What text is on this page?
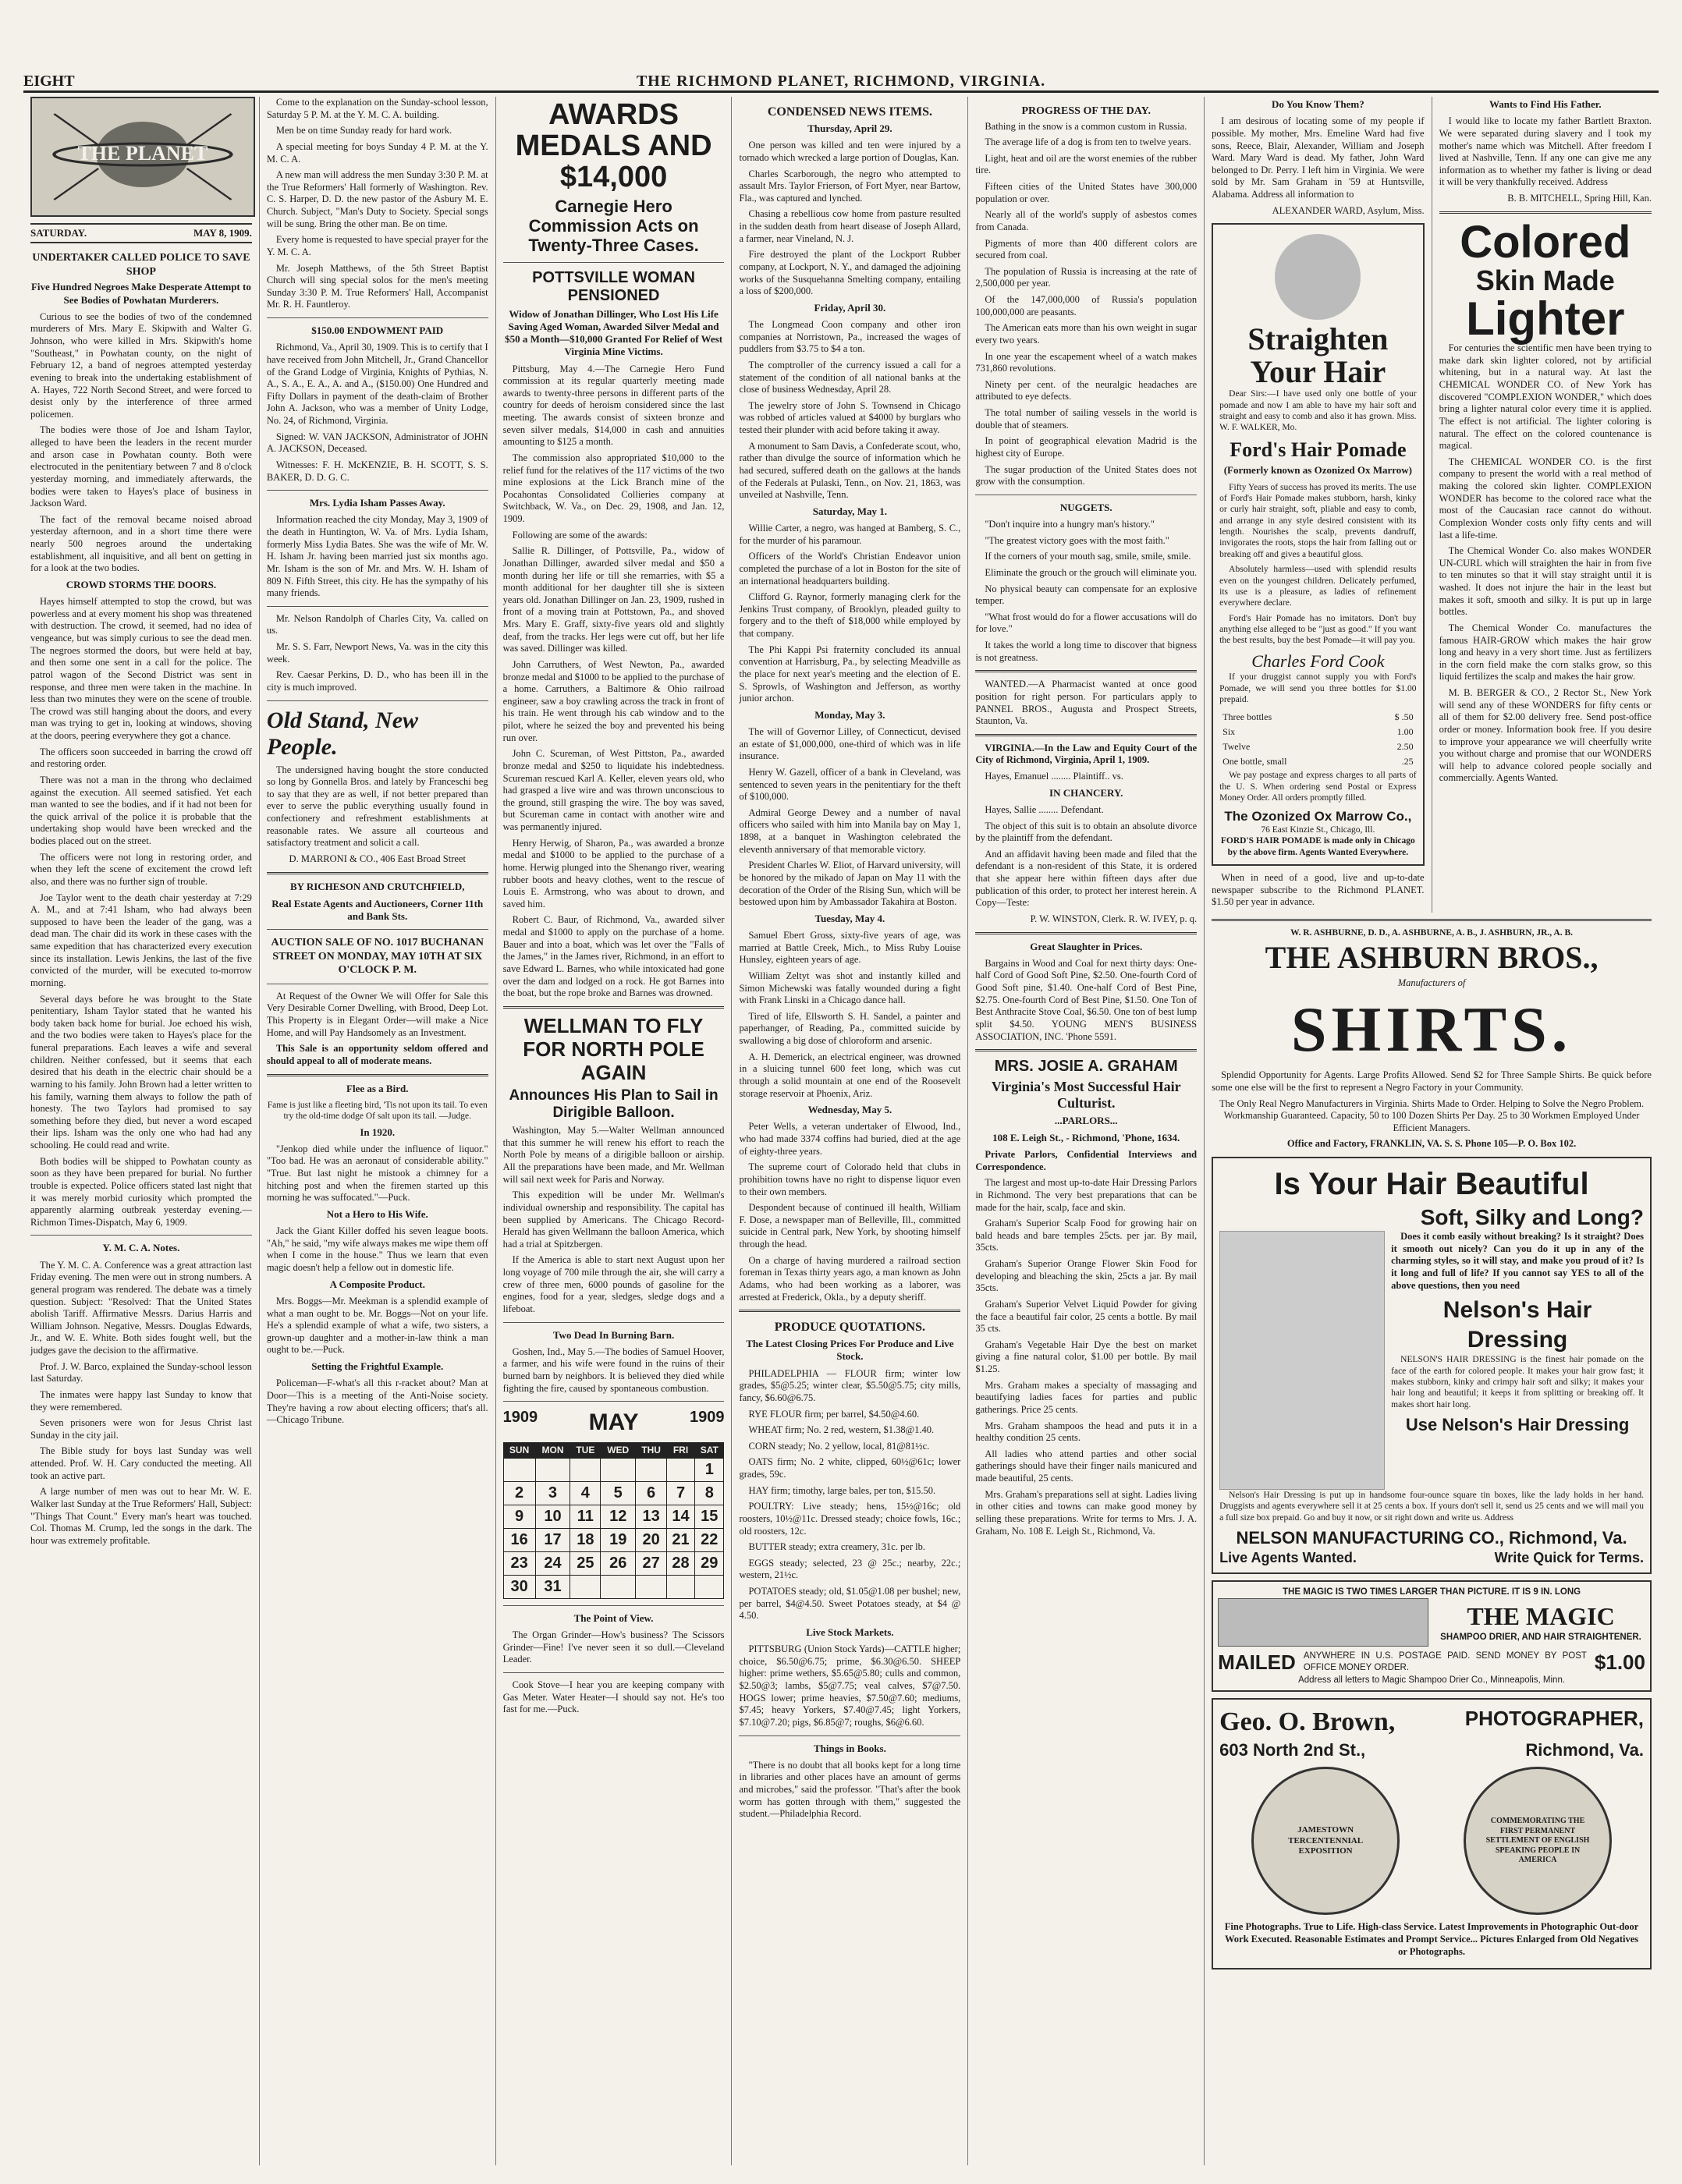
EIGHT	THE RICHMOND PLANET, RICHMOND, VIRGINIA.
THE PLANET
SATURDAY.	MAY 8, 1909.
UNDERTAKER CALLED POLICE TO SAVE SHOP
Five Hundred Negroes Make Desperate Attempt to See Bodies of Powhatan Murderers.

Curious to see the bodies of two of the condemned murderers of Mrs. Mary E. Skipwith and Walter G. Johnson, who were killed in Mrs. Skipwith's home "Southeast," in Powhatan county, on the night of February 12, a band of negroes attempted yesterday evening to break into the undertaking establishment of A. Hayes, 722 North Second Street, and were forced to desist only by the interference of three armed policemen.

The bodies were those of Joe and Isham Taylor, alleged to have been the leaders in the recent murder and arson case in Powhatan county. Both were electrocuted in the penitentiary between 7 and 8 o'clock yesterday morning, and immediately afterwards, the bodies were taken to Hayes's place of business in Jackson Ward.

The fact of the removal became noised abroad yesterday afternoon, and in a short time there were nearly 500 negroes around the undertaking establishment, all inquisitive, and all bent on getting in for a look at the two bodies.

CROWD STORMS THE DOORS.

Hayes himself attempted to stop the crowd, but was powerless and at every moment his shop was threatened with destruction. The crowd, it seemed, had no idea of vengeance, but was simply curious to see the dead men. The negroes stormed the doors, but were held at bay, and then some one sent in a call for the police. The patrol wagon of the Second District was sent in response, and three men were taken in the machine. In less than two minutes they were on the scene of trouble. The crowd was still hanging about the doors, and every man was trying to get in, looking at windows, shoving at the doors, peering everywhere they got a chance.

The officers soon succeeded in barring the crowd off and restoring order.

There was not a man in the throng who declaimed against the execution. All seemed satisfied. Yet each man wanted to see the bodies, and if it had not been for the quick arrival of the police it is probable that the undertaking shop would have been wrecked and the bodies placed out on the street.

The officers were not long in restoring order, and when they left the scene of excitement the crowd left also, and there was no further sign of trouble.

Joe Taylor went to the death chair yesterday at 7:29 A. M., and at 7:41 Isham, who had always been supposed to have been the leader of the gang, was a dead man. The chair did its work in these cases with the same expedition that has characterized every execution since its installation. Lewis Jenkins, the last of the five convicted of the murder, will be executed to-morrow morning.

Several days before he was brought to the State penitentiary, Isham Taylor stated that he wanted his body taken back home for burial. Joe echoed his wish, and the two bodies were taken to Hayes's place for the funeral preparations. Each leaves a wife and several children. Neither confessed, but it seems that each desired that his death in the electric chair should be a warning to his family. John Brown had a letter written to his family, warning them always to follow the path of honesty. The two Taylors had promised to say something before they died, but never a word escaped their lips. Isham was the only one who had had any schooling. He could read and write.

Both bodies will be shipped to Powhatan county as soon as they have been prepared for burial. No further trouble is expected. Police officers stated last night that it was merely morbid curiosity which prompted the apparently alarming outbreak yesterday evening.—Richmon Times-Dispatch, May 6, 1909.

Y. M. C. A. Notes.

The Y. M. C. A. Conference was a great attraction last Friday evening. The men were out in strong numbers. A general program was rendered. The debate was a timely question. Subject: "Resolved: That the United States abolish Tariff. Affirmative Messrs. Darius Harris and William Johnson. Negative, Messrs. Douglas Edwards, Jr., and W. E. White. Both sides fought well, but the judges gave the decision to the affirmative.

Prof. J. W. Barco, explained the Sunday-school lesson last Saturday.

The inmates were happy last Sunday to know that they were remembered.

Seven prisoners were won for Jesus Christ last Sunday in the city jail.

The Bible study for boys last Sunday was well attended. Prof. W. H. Cary conducted the meeting. All took an active part.

A large number of men was out to hear Mr. W. E. Walker last Sunday at the True Reformers' Hall, Subject: "Things That Count." Every man's heart was touched. Col. Thomas M. Crump, led the songs in the dark. The hour was extremely profitable.

Come to the explanation on the Sunday-school lesson, Saturday 5 P. M. at the Y. M. C. A. building.

Men be on time Sunday ready for hard work.

A special meeting for boys Sunday 4 P. M. at the Y. M. C. A.

A new man will address the men Sunday 3:30 P. M. at the True Reformers' Hall formerly of Washington. Rev. C. S. Harper, D. D. the new pastor of the Asbury M. E. Church. Subject, "Man's Duty to Society. Special songs will be sung. Bring the other man. Be on time.

Every home is requested to have special prayer for the Y. M. C. A.

Mr. Joseph Matthews, of the 5th Street Baptist Church will sing special solos for the men's meeting Sunday 3:30 P. M. True Reformers' Hall, Accompanist Mr. R. H. Fauntleroy.

$150.00 ENDOWMENT PAID

Richmond, Va., April 30, 1909. This is to certify that I have received from John Mitchell, Jr., Grand Chancellor of the Grand Lodge of Virginia, Knights of Pythias, N. A., S. A., E. A., A. and A., ($150.00) One Hundred and Fifty Dollars in payment of the death-claim of Brother John A. Jackson, who was a member of Unity Lodge, No. 24, of Richmond, Virginia.

Signed: W. VAN JACKSON, Administrator of JOHN A. JACKSON, Deceased.

Witnesses: F. H. McKENZIE, B. H. SCOTT, S. S. BAKER, D. D. G. C.

Mrs. Lydia Isham Passes Away.

Information reached the city Monday, May 3, 1909 of the death in Huntington, W. Va. of Mrs. Lydia Isham, formerly Miss Lydia Bates. She was the wife of Mr. W. H. Isham Jr. having been married just six months ago. Mr. Isham is the son of Mr. and Mrs. W. H. Isham of 809 N. Fifth Street, this city. He has the sympathy of his many friends.

Mr. Nelson Randolph of Charles City, Va. called on us.

Mr. S. S. Farr, Newport News, Va. was in the city this week.

Rev. Caesar Perkins, D. D., who has been ill in the city is much improved.

Old Stand, New People.

The undersigned having bought the store conducted so long by Gonnella Bros. and lately by Franceschi beg to say that they are as well, if not better prepared than ever to serve the public everything usually found in confectionery and refreshment establishments at reasonable rates. We assure all courteous and satisfactory treatment and solicit a call.

D. MARRONI & CO., 406 East Broad Street

BY RICHESON AND CRUTCHFIELD,
Real Estate Agents and Auctioneers, Corner 11th and Bank Sts.
AUCTION SALE OF NO. 1017 BUCHANAN STREET ON MONDAY, MAY 10TH AT SIX O'CLOCK P. M.

At Request of the Owner We will Offer for Sale this Very Desirable Corner Dwelling, with Brood, Deep Lot. This Property is in Elegant Order—will make a Nice Home, and will Pay Handsomely as an Investment.

This Sale is an opportunity seldom offered and should appeal to all of moderate means.

Flee as a Bird.

Fame is just like a fleeting bird, 'Tis not upon its tail. To even try the old-time dodge Of salt upon its tail. —Judge.

In 1920.

"Jenkop died while under the influence of liquor." "Too bad. He was an aeronaut of considerable ability." "True. But last night he mistook a chimney for a hitching post and when the firemen started up this morning he was suffocated."—Puck.

Not a Hero to His Wife.

Jack the Giant Killer doffed his seven league boots. "Ah," he said, "my wife always makes me wipe them off when I come in the house." Thus we learn that even magic doesn't help a fellow out in domestic life.

A Composite Product.

Mrs. Boggs—Mr. Meekman is a splendid example of what a man ought to be. Mr. Boggs—Not on your life. He's a splendid example of what a wife, two sisters, a grown-up daughter and a mother-in-law think a man ought to be.—Puck.

Setting the Frightful Example.

Policeman—F-what's all this r-racket about? Man at Door—This is a meeting of the Anti-Noise society. They're having a row about electing officers; that's all.—Chicago Tribune.

AWARDS MEDALS AND $14,000
Carnegie Hero Commission Acts on Twenty-Three Cases.
POTTSVILLE WOMAN PENSIONED
Widow of Jonathan Dillinger, Who Lost His Life Saving Aged Woman, Awarded Silver Medal and $50 a Month—$10,000 Granted For Relief of West Virginia Mine Victims.

Pittsburg, May 4.—The Carnegie Hero Fund commission at its regular quarterly meeting made awards to twenty-three persons in different parts of the country for deeds of heroism considered since the last meeting. The awards consist of sixteen bronze and seven silver medals, $14,000 in cash and annuities amounting to $125 a month.

The commission also appropriated $10,000 to the relief fund for the relatives of the 117 victims of the two mine explosions at the Lick Branch mine of the Pocahontas Consolidated Collieries company at Switchback, W. Va., on Dec. 29, 1908, and Jan. 12, 1909.

Following are some of the awards:

Sallie R. Dillinger, of Pottsville, Pa., widow of Jonathan Dillinger, awarded silver medal and $50 a month during her life or till she remarries, with $5 a month additional for her daughter till she is sixteen years old. Jonathan Dillinger on Jan. 23, 1909, rushed in front of a moving train at Pottstown, Pa., and shoved Mrs. Mary E. Graff, sixty-five years old and slightly deaf, from the tracks. Her legs were cut off, but her life was saved. Dillinger was killed.

John Carruthers, of West Newton, Pa., awarded bronze medal and $1000 to be applied to the purchase of a home. Carruthers, a Baltimore & Ohio railroad engineer, saw a boy crawling across the track in front of his train. He went through his cab window and to the pilot, where he seized the boy and prevented his being run over.

John C. Scureman, of West Pittston, Pa., awarded bronze medal and $250 to liquidate his indebtedness. Scureman rescued Karl A. Keller, eleven years old, who had grasped a live wire and was thrown unconscious to the ground, still grasping the wire. The boy was saved, but Scureman came in contact with another wire and was permanently injured.

Henry Herwig, of Sharon, Pa., was awarded a bronze medal and $1000 to be applied to the purchase of a home. Herwig plunged into the Shenango river, wearing rubber boots and heavy clothes, went to the rescue of Louis E. Armstrong, who was about to drown, and saved him.

Robert C. Baur, of Richmond, Va., awarded silver medal and $1000 to apply on the purchase of a home. Bauer and into a boat, which was let over the "Falls of the James," in the James river, Richmond, in an effort to save Edward L. Barnes, who while intoxicated had gone over the dam and lodged on a rock. He got Barnes into the boat, but the rope broke and Barnes was drowned.

WELLMAN TO FLY FOR NORTH POLE AGAIN
Announces His Plan to Sail in Dirigible Balloon.

Washington, May 5.—Walter Wellman announced that this summer he will renew his effort to reach the North Pole by means of a dirigible balloon or airship. All the preparations have been made, and Mr. Wellman will sail next week for Paris and Norway.

This expedition will be under Mr. Wellman's individual ownership and responsibility. The capital has been supplied by Americans. The Chicago Record-Herald has given Wellmann the balloon America, which had a trial at Spitzbergen.

If the America is able to start next August upon her long voyage of 700 mile through the air, she will carry a crew of three men, 6000 pounds of gasoline for the engines, food for a year, sledges, sledge dogs and a lifeboat.

Two Dead In Burning Barn.

Goshen, Ind., May 5.—The bodies of Samuel Hoover, a farmer, and his wife were found in the ruins of their burned barn by neighbors. It is believed they died while fighting the fire, caused by spontaneous combustion.

1909 MAY	1909
SUN	MON	TUE	WED	THU	FRI	SAT
						1
2	3	4	5	6	7	8
9	10	11	12	13	14	15
16	17	18	19	20	21	22
23	24	25	26	27	28	29
30	31					
The Point of View.

The Organ Grinder—How's business? The Scissors Grinder—Fine! I've never seen it so dull.—Cleveland Leader.

Cook Stove—I hear you are keeping company with Gas Meter. Water Heater—I should say not. He's too fast for me.—Puck.

CONDENSED NEWS ITEMS.
Thursday, April 29.

One person was killed and ten were injured by a tornado which wrecked a large portion of Douglas, Kan.

Charles Scarborough, the negro who attempted to assault Mrs. Taylor Frierson, of Fort Myer, near Bartow, Fla., was captured and lynched.

Chasing a rebellious cow home from pasture resulted in the sudden death from heart disease of Joseph Allard, a farmer, near Vineland, N. J.

Fire destroyed the plant of the Lockport Rubber company, at Lockport, N. Y., and damaged the adjoining works of the Susquehanna Smelting company, entailing a loss of $200,000.

Friday, April 30.

The Longmead Coon company and other iron companies at Norristown, Pa., increased the wages of puddlers from $3.75 to $4 a ton.

The comptroller of the currency issued a call for a statement of the condition of all national banks at the close of business Wednesday, April 28.

The jewelry store of John S. Townsend in Chicago was robbed of articles valued at $4000 by burglars who tested their plunder with acid before taking it away.

A monument to Sam Davis, a Confederate scout, who, rather than divulge the source of information which he had secured, suffered death on the gallows at the hands of the Federals at Pulaski, Tenn., on Nov. 21, 1863, was unveiled at Nashville, Tenn.

Saturday, May 1.

Willie Carter, a negro, was hanged at Bamberg, S. C., for the murder of his paramour.

Officers of the World's Christian Endeavor union completed the purchase of a lot in Boston for the site of an international headquarters building.

Clifford G. Raynor, formerly managing clerk for the Jenkins Trust company, of Brooklyn, pleaded guilty to forgery and to the theft of $18,000 while employed by that company.

The Phi Kappi Psi fraternity concluded its annual convention at Harrisburg, Pa., by selecting Meadville as the place for next year's meeting and the election of E. S. Sprowls, of Washington and Jefferson, as worthy junior archon.

Monday, May 3.

The will of Governor Lilley, of Connecticut, devised an estate of $1,000,000, one-third of which was in life insurance.

Henry W. Gazell, officer of a bank in Cleveland, was sentenced to seven years in the penitentiary for the theft of $100,000.

Admiral George Dewey and a number of naval officers who sailed with him into Manila bay on May 1, 1898, at a banquet in Washington celebrated the eleventh anniversary of that memorable victory.

President Charles W. Eliot, of Harvard university, will be honored by the mikado of Japan on May 11 with the decoration of the Order of the Rising Sun, which will be bestowed upon him by Ambassador Takahira at Boston.

Tuesday, May 4.

Samuel Ebert Gross, sixty-five years of age, was married at Battle Creek, Mich., to Miss Ruby Louise Hunsley, eighteen years of age.

William Zeltyt was shot and instantly killed and Simon Michewski was fatally wounded during a fight with Frank Linski in a Chicago dance hall.

Tired of life, Ellsworth S. H. Sandel, a painter and paperhanger, of Reading, Pa., committed suicide by swallowing a big dose of chloroform and arsenic.

A. H. Demerick, an electrical engineer, was drowned in a sluicing tunnel 600 feet long, which was cut through a solid mountain at one end of the Roosevelt storage reservoir at Phoenix, Ariz.

Wednesday, May 5.

Peter Wells, a veteran undertaker of Elwood, Ind., who had made 3374 coffins had buried, died at the age of eighty-three years.

The supreme court of Colorado held that clubs in prohibition towns have no right to dispense liquor even to their own members.

Despondent because of continued ill health, William F. Dose, a newspaper man of Belleville, Ill., committed suicide in Central park, New York, by shooting himself through the head.

On a charge of having murdered a railroad section foreman in Texas thirty years ago, a man known as John Adams, who had been working as a laborer, was arrested at Frederick, Okla., by a deputy sheriff.

PRODUCE QUOTATIONS.
The Latest Closing Prices For Produce and Live Stock.

PHILADELPHIA — FLOUR firm; winter low grades, $5@5.25; winter clear, $5.50@5.75; city mills, fancy, $6.60@6.75.

RYE FLOUR firm; per barrel, $4.50@4.60.

WHEAT firm; No. 2 red, western, $1.38@1.40.

CORN steady; No. 2 yellow, local, 81@81½c.

OATS firm; No. 2 white, clipped, 60½@61c; lower grades, 59c.

HAY firm; timothy, large bales, per ton, $15.50.

POULTRY: Live steady; hens, 15½@16c; old roosters, 10½@11c. Dressed steady; choice fowls, 16c.; old roosters, 12c.

BUTTER steady; extra creamery, 31c. per lb.

EGGS steady; selected, 23 @ 25c.; nearby, 22c.; western, 21½c.

POTATOES steady; old, $1.05@1.08 per bushel; new, per barrel, $4@4.50. Sweet Potatoes steady, at $4 @ 4.50.

Live Stock Markets.

PITTSBURG (Union Stock Yards)—CATTLE higher; choice, $6.50@6.75; prime, $6.30@6.50. SHEEP higher: prime wethers, $5.65@5.80; culls and common, $2.50@3; lambs, $5@7.75; veal calves, $7@7.50. HOGS lower; prime heavies, $7.50@7.60; mediums, $7.45; heavy Yorkers, $7.40@7.45; light Yorkers, $7.10@7.20; pigs, $6.85@7; roughs, $6@6.60.

Things in Books.

"There is no doubt that all books kept for a long time in libraries and other places have an amount of germs and microbes," said the professor. "That's after the book worm has gotten through with them," suggested the student.—Philadelphia Record.

PROGRESS OF THE DAY.

Bathing in the snow is a common custom in Russia.

The average life of a dog is from ten to twelve years.

Light, heat and oil are the worst enemies of the rubber tire.

Fifteen cities of the United States have 300,000 population or over.

Nearly all of the world's supply of asbestos comes from Canada.

Pigments of more than 400 different colors are secured from coal.

The population of Russia is increasing at the rate of 2,500,000 per year.

Of the 147,000,000 of Russia's population 100,000,000 are peasants.

The American eats more than his own weight in sugar every two years.

In one year the escapement wheel of a watch makes 731,860 revolutions.

Ninety per cent. of the neuralgic headaches are attributed to eye defects.

The total number of sailing vessels in the world is double that of steamers.

In point of geographical elevation Madrid is the highest city of Europe.

The sugar production of the United States does not grow with the consumption.

NUGGETS.

"Don't inquire into a hungry man's history."

"The greatest victory goes with the most faith."

If the corners of your mouth sag, smile, smile, smile.

Eliminate the grouch or the grouch will eliminate you.

No physical beauty can compensate for an explosive temper.

"What frost would do for a flower accusations will do for love."

It takes the world a long time to discover that bigness is not greatness.

WANTED.—A Pharmacist wanted at once good position for right person. For particulars apply to PANNEL BROS., Augusta and Prospect Streets, Staunton, Va.

VIRGINIA.—In the Law and Equity Court of the City of Richmond, Virginia, April 1, 1909.

Hayes, Emanuel ........ Plaintiff.. vs.

IN CHANCERY.

Hayes, Sallie ........ Defendant.

The object of this suit is to obtain an absolute divorce by the plaintiff from the defendant.

And an affidavit having been made and filed that the defendant is a non-resident of this State, it is ordered that she appear here within fifteen days after due publication of this order, to protect her interest herein. A Copy—Teste:

P. W. WINSTON, Clerk. R. W. IVEY, p. q.

Great Slaughter in Prices.

Bargains in Wood and Coal for next thirty days: One-half Cord of Good Soft Pine, $2.50. One-fourth Cord of Good Soft pine, $1.40. One-half Cord of Best Pine, $2.75. One-fourth Cord of Best Pine, $1.50. One Ton of Best Anthracite Stove Coal, $6.50. One ton of best lump split $4.50. YOUNG MEN'S BUSINESS ASSOCIATION, INC. 'Phone 5591.

MRS. JOSIE A. GRAHAM
Virginia's Most Successful Hair Culturist.
...PARLORS...
108 E. Leigh St., - Richmond, 'Phone, 1634.

Private Parlors, Confidential Interviews and Correspondence.

The largest and most up-to-date Hair Dressing Parlors in Richmond. The very best preparations that can be made for the hair, scalp, face and skin.

Graham's Superior Scalp Food for growing hair on bald heads and bare temples 25cts. per jar. By mail, 35cts.

Graham's Superior Orange Flower Skin Food for developing and bleaching the skin, 25cts a jar. By mail 35cts.

Graham's Superior Velvet Liquid Powder for giving the face a beautiful fair color, 25 cents a bottle. By mail 35 cts.

Graham's Vegetable Hair Dye the best on market giving a fine natural color, $1.00 per bottle. By mail $1.25.

Mrs. Graham makes a specialty of massaging and beautifying ladies faces for parties and public gatherings. Price 25 cents.

Mrs. Graham shampoos the head and puts it in a healthy condition 25 cents.

All ladies who attend parties and other social gatherings should have their finger nails manicured and made beautiful, 25 cents.

Mrs. Graham's preparations sell at sight. Ladies living in other cities and towns can make good money by selling these preparations. Write for terms to Mrs. J. A. Graham, No. 108 E. Leigh St., Richmond, Va.

Do You Know Them?

I am desirous of locating some of my people if possible. My mother, Mrs. Emeline Ward had five sons, Reece, Blair, Alexander, William and Joseph Ward. Mary Ward is dead. My father, John Ward belonged to Dr. Perry. I left him in Virginia. We were sold by Mr. Sam Graham in '59 at Huntsville, Alabama. Address all information to

ALEXANDER WARD, Asylum, Miss.

Straighten Your Hair

Dear Sirs:—I have used only one bottle of your pomade and now I am able to have my hair soft and straight and easy to comb and also it has grown. Miss. W. F. WALKER, Mo.

Ford's Hair Pomade
(Formerly known as Ozonized Ox Marrow)

Fifty Years of success has proved its merits. The use of Ford's Hair Pomade makes stubborn, harsh, kinky or curly hair straight, soft, pliable and easy to comb, and arrange in any style desired consistent with its length. Nourishes the scalp, prevents dandruff, invigorates the roots, stops the hair from falling out or breaking off and gives a beautiful gloss.

Absolutely harmless—used with splendid results even on the youngest children. Delicately perfumed, its use is a pleasure, as ladies of refinement everywhere declare.

Ford's Hair Pomade has no imitators. Don't buy anything else alleged to be "just as good." If you want the best results, buy the best Pomade—it will pay you.

Charles Ford Cook

If your druggist cannot supply you with Ford's Pomade, we will send you three bottles for $1.00 prepaid.

Three bottles	$ .50
Six	1.00
Twelve	2.50
One bottle, small	.25

We pay postage and express charges to all parts of the U. S. When ordering send Postal or Express Money Order. All orders promptly filled.

The Ozonized Ox Marrow Co.,
76 East Kinzie St., Chicago, Ill.
FORD'S HAIR POMADE is made only in Chicago by the above firm. Agents Wanted Everywhere.

When in need of a good, live and up-to-date newspaper subscribe to the Richmond PLANET. $1.50 per year in advance.

Wants to Find His Father.

I would like to locate my father Bartlett Braxton. We were separated during slavery and I took my mother's name which was Mitchell. After freedom I lived at Nashville, Tenn. If any one can give me any information as to whether my father is living or dead it will be very thankfully received. Address

B. B. MITCHELL, Spring Hill, Kan.

Colored
Skin Made
Lighter

For centuries the scientific men have been trying to make dark skin lighter colored, not by artificial whitening, but in a natural way. At last the CHEMICAL WONDER CO. of New York has discovered "COMPLEXION WONDER," which does bring a lighter natural color every time it is applied. The effect is not artificial. The lighter coloring is natural. The effect on the colored countenance is magical.

The CHEMICAL WONDER CO. is the first company to present the world with a real method of making the colored skin lighter. COMPLEXION WONDER has become to the colored race what the most of the Caucasian race cannot do without. Complexion Wonder costs only fifty cents and will last a life-time.

The Chemical Wonder Co. also makes WONDER UN-CURL which will straighten the hair in from five to ten minutes so that it will stay straight until it is washed. It does not injure the hair in the least but makes it soft, smooth and silky. It is put up in large bottles.

The Chemical Wonder Co. manufactures the famous HAIR-GROW which makes the hair grow long and heavy in a very short time. Just as fertilizers in the corn field make the corn stalks grow, so this liquid fertilizes the scalp and makes the hair grow.

M. B. BERGER & CO., 2 Rector St., New York will send any of these WONDERS for fifty cents or all of them for $2.00 delivery free. Send post-office order or money. Information book free. If you desire to improve your appearance we will cheerfully write you without charge and promise that our WONDERS will help to advance colored people socially and commercially. Agents Wanted.

W. R. ASHBURNE, D. D., A. ASHBURNE, A. B., J. ASHBURN, JR., A. B.
THE ASHBURN BROS.,
Manufacturers of
SHIRTS.

Splendid Opportunity for Agents. Large Profits Allowed. Send $2 for Three Sample Shirts. Be quick before some one else will be the first to represent a Negro Factory in your Community.

The Only Real Negro Manufacturers in Virginia. Shirts Made to Order. Helping to Solve the Negro Problem. Workmanship Guaranteed. Capacity, 50 to 100 Dozen Shirts Per Day. 25 to 30 Workmen Employed Under Efficient Managers.

Office and Factory, FRANKLIN, VA. S. S. Phone 105—P. O. Box 102.

Is Your Hair Beautiful
Soft, Silky and Long?

Does it comb easily without breaking? Is it straight? Does it smooth out nicely? Can you do it up in any of the charming styles, so it will stay, and make you proud of it? Is it long and full of life? If you cannot say YES to all of the above questions, then you need

Nelson's Hair Dressing

NELSON'S HAIR DRESSING is the finest hair pomade on the face of the earth for colored people. It makes your hair grow fast; it makes stubborn, kinky and crimpy hair soft and silky; it makes your hair long and beautiful; it keeps it from splitting or breaking off. It makes short hair long.

Use Nelson's Hair Dressing

Nelson's Hair Dressing is put up in handsome four-ounce square tin boxes, like the lady holds in her hand. Druggists and agents everywhere sell it at 25 cents a box. If yours don't sell it, send us 25 cents and we will mail you a full size box prepaid. Go and buy it now, or sit right down and write us. Address

NELSON MANUFACTURING CO., Richmond, Va.
Live Agents Wanted.	Write Quick for Terms.
THE MAGIC IS TWO TIMES LARGER THAN PICTURE. IT IS 9 IN. LONG
THE MAGIC
SHAMPOO DRIER, AND HAIR STRAIGHTENER.
MAILED ANYWHERE IN U.S. POSTAGE PAID. SEND MONEY BY POST OFFICE MONEY ORDER.	$1.00
Address all letters to Magic Shampoo Drier Co., Minneapolis, Minn.
Geo. O. Brown,	PHOTOGRAPHER,
603 North 2nd St.,	Richmond, Va.
JAMESTOWN TERCENTENNIAL EXPOSITION
COMMEMORATING THE FIRST PERMANENT SETTLEMENT OF ENGLISH SPEAKING PEOPLE IN AMERICA

Fine Photographs. True to Life. High-class Service. Latest Improvements in Photographic Out-door Work Executed. Reasonable Estimates and Prompt Service... Pictures Enlarged from Old Negatives or Photographs.
